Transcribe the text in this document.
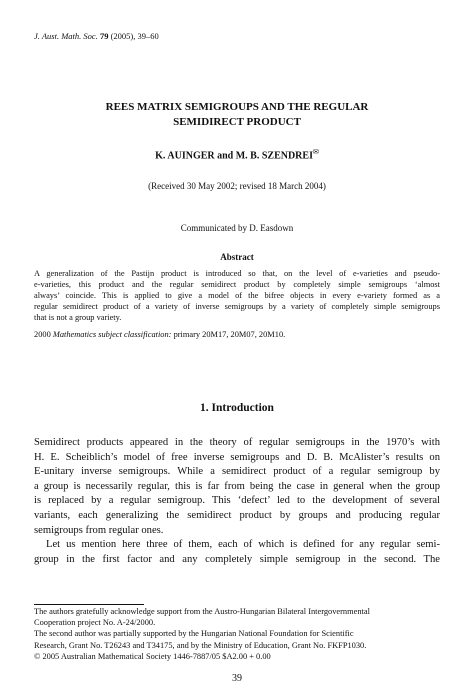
J. Aust. Math. Soc. 79 (2005), 39–60
REES MATRIX SEMIGROUPS AND THE REGULAR
SEMIDIRECT PRODUCT
K. AUINGER and M. B. SZENDREI✉
(Received 30 May 2002; revised 18 March 2004)
Communicated by D. Easdown
Abstract
A generalization of the Pastijn product is introduced so that, on the level of e-varieties and pseudo-
e-varieties, this product and the regular semidirect product by completely simple semigroups ‘almost
always’ coincide. This is applied to give a model of the bifree objects in every e-variety formed as a
regular semidirect product of a variety of inverse semigroups by a variety of completely simple semigroups
that is not a group variety.
2000 Mathematics subject classification: primary 20M17, 20M07, 20M10.
1. Introduction
Semidirect products appeared in the theory of regular semigroups in the 1970’s with
H. E. Scheiblich’s model of free inverse semigroups and D. B. McAlister’s results on
E-unitary inverse semigroups. While a semidirect product of a regular semigroup by
a group is necessarily regular, this is far from being the case in general when the group
is replaced by a regular semigroup. This ‘defect’ led to the development of several
variants, each generalizing the semidirect product by groups and producing regular
semigroups from regular ones.
Let us mention here three of them, each of which is defined for any regular semi-
group in the first factor and any completely simple semigroup in the second. The
The authors gratefully acknowledge support from the Austro-Hungarian Bilateral Intergovernmental
Cooperation project No. A-24/2000.
The second author was partially supported by the Hungarian National Foundation for Scientific
Research, Grant No. T26243 and T34175, and by the Ministry of Education, Grant No. FKFP1030.
© 2005 Australian Mathematical Society 1446-7887/05 $A2.00 + 0.00
39
